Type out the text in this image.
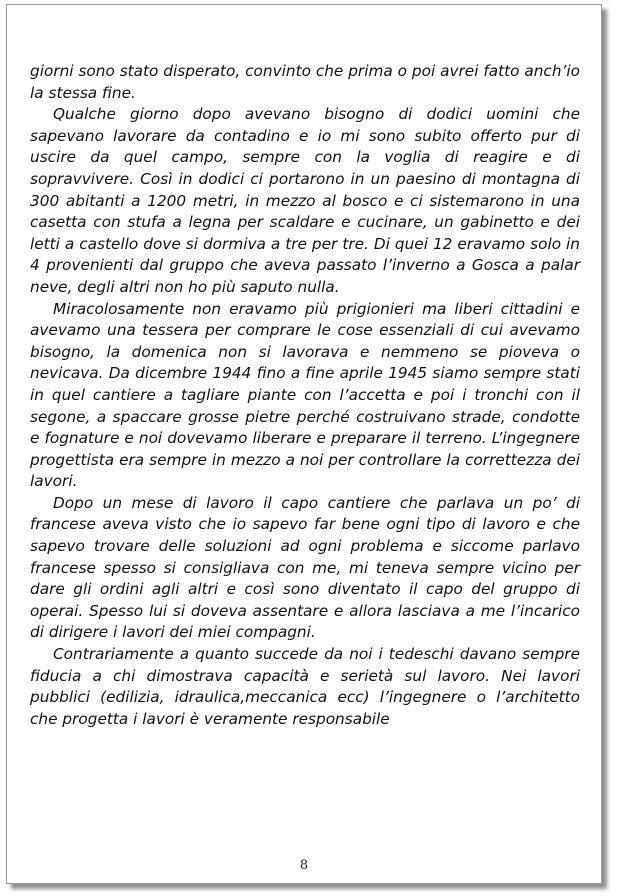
giorni sono stato disperato, convinto che prima o poi avrei fatto anch’io la stessa fine.

Qualche giorno dopo avevano bisogno di dodici uomini che sapevano lavorare da contadino e io mi sono subito offerto pur di uscire da quel campo, sempre con la voglia di reagire e di sopravvivere. Così in dodici ci portarono in un paesino di montagna di 300 abitanti a 1200 metri, in mezzo al bosco e ci sistemarono in una casetta con stufa a legna per scaldare e cucinare, un gabinetto e dei letti a castello dove si dormiva a tre per tre. Di quei 12 eravamo solo in 4 provenienti dal gruppo che aveva passato l’inverno a Gosca a palar neve, degli altri non ho più saputo nulla.

Miracolosamente non eravamo più prigionieri ma liberi cittadini e avevamo una tessera per comprare le cose essenziali di cui avevamo bisogno, la domenica non si lavorava e nemmeno se pioveva o nevicava. Da dicembre 1944 fino a fine aprile 1945 siamo sempre stati in quel cantiere a tagliare piante con l’accetta e poi i tronchi con il segone, a spaccare grosse pietre perché costruivano strade, condotte e fognature e noi dovevamo liberare e preparare il terreno. L’ingegnere progettista era sempre in mezzo a noi per controllare la correttezza dei lavori.

Dopo un mese di lavoro il capo cantiere che parlava un po’ di francese aveva visto che io sapevo far bene ogni tipo di lavoro e che sapevo trovare delle soluzioni ad ogni problema e siccome parlavo francese spesso si consigliava con me, mi teneva sempre vicino per dare gli ordini agli altri e così sono diventato il capo del gruppo di operai. Spesso lui si doveva assentare e allora lasciava a me l’incarico di dirigere i lavori dei miei compagni.

Contrariamente a quanto succede da noi i tedeschi davano sempre fiducia a chi dimostrava capacità e serietà sul lavoro. Nei lavori pubblici (edilizia, idraulica,meccanica ecc) l’ingegnere o l’architetto che progetta i lavori è veramente responsabile

8
